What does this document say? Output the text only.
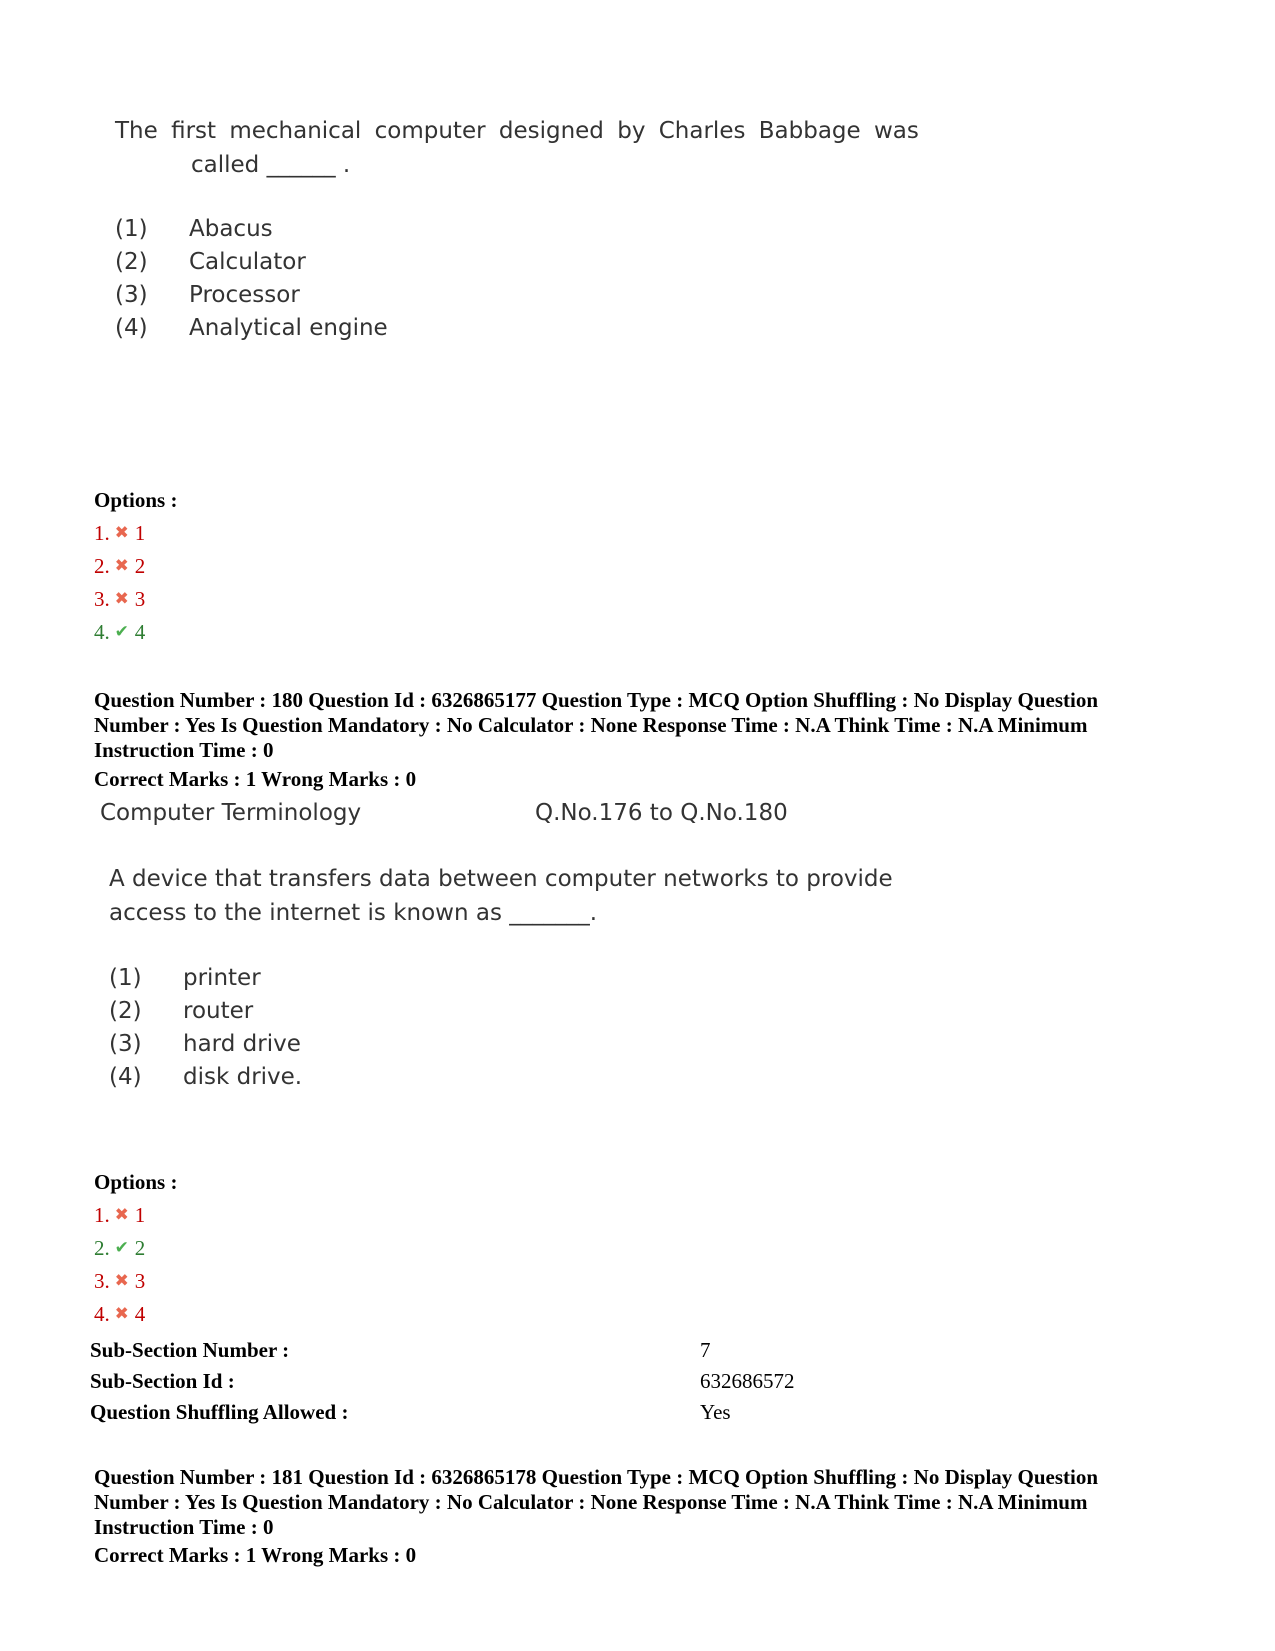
The first mechanical computer designed by Charles Babbage was
called ______ .
(1) Abacus
(2) Calculator
(3) Processor
(4) Analytical engine
Options :
1. ✖ 1
2. ✖ 2
3. ✖ 3
4. ✔ 4

Question Number : 180 Question Id : 6326865177 Question Type : MCQ Option Shuffling : No Display Question

Number : Yes Is Question Mandatory : No Calculator : None Response Time : N.A Think Time : N.A Minimum

Instruction Time : 0

Correct Marks : 1 Wrong Marks : 0
Computer Terminology	Q.No.176 to Q.No.180
A device that transfers data between computer networks to provide
access to the internet is known as _______.
(1) printer
(2) router
(3) hard drive
(4) disk drive.
Options :
1. ✖ 1
2. ✔ 2
3. ✖ 3
4. ✖ 4
Sub-Section Number :	7
Sub-Section Id :	632686572
Question Shuffling Allowed :	Yes

Question Number : 181 Question Id : 6326865178 Question Type : MCQ Option Shuffling : No Display Question

Number : Yes Is Question Mandatory : No Calculator : None Response Time : N.A Think Time : N.A Minimum

Instruction Time : 0

Correct Marks : 1 Wrong Marks : 0
